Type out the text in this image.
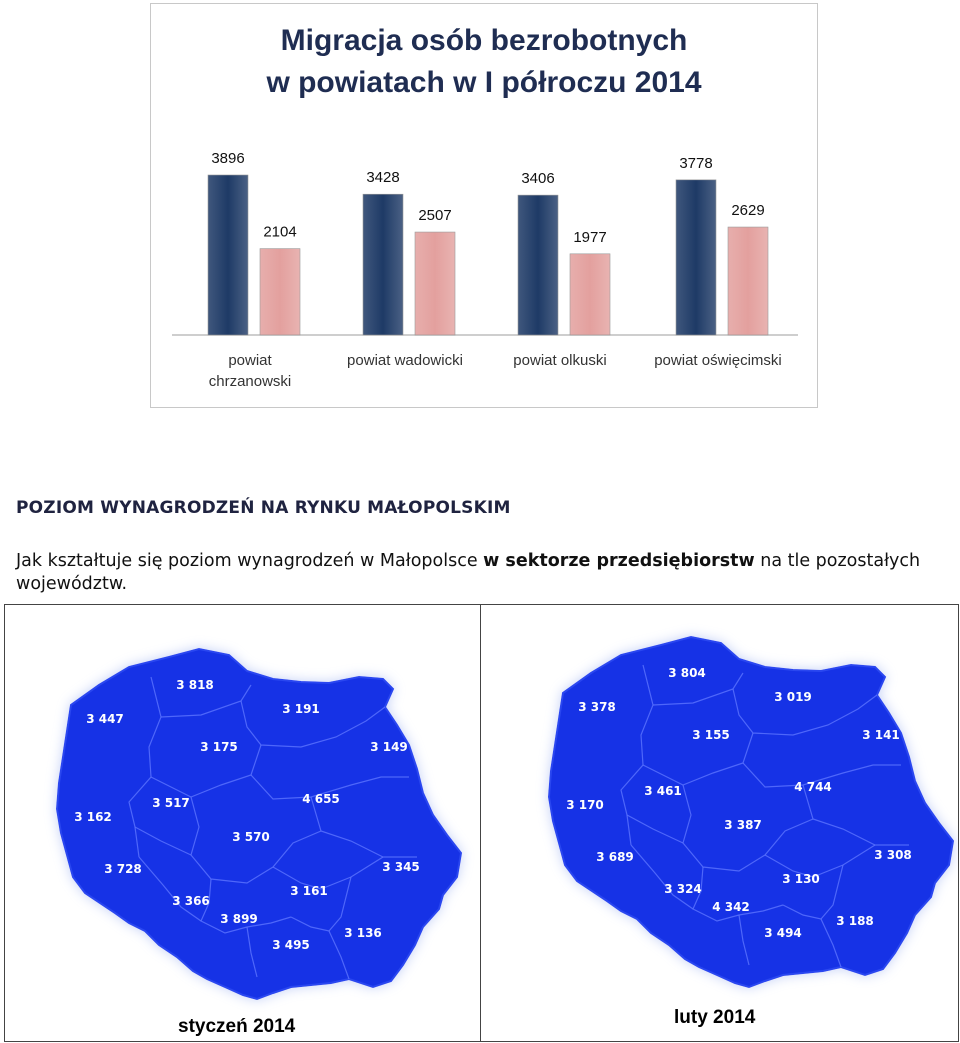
Migracja osób bezrobotnych
w powiatach w I półroczu 2014
3896
2104
powiat
chrzanowski
3428
2507
powiat wadowicki
3406
1977
powiat olkuski
3778
2629
powiat oświęcimski
POZIOM WYNAGRODZEŃ NA RYNKU MAŁOPOLSKIM
Jak kształtuje się poziom wynagrodzeń w Małopolsce w sektorze przedsiębiorstw na tle pozostałych województw.
3 818
3 447
3 191
3 175	3 149
3 162
3 517	4 655
3 570
3 728	3 345
3 366
3 161
3 899
3 136
3 495
styczeń 2014
3 804
3 378
3 019
3 155	3 141
3 170
3 461	4 744
3 387
3 689	3 308
3 324
3 130
4 342
3 188
3 494
luty 2014
